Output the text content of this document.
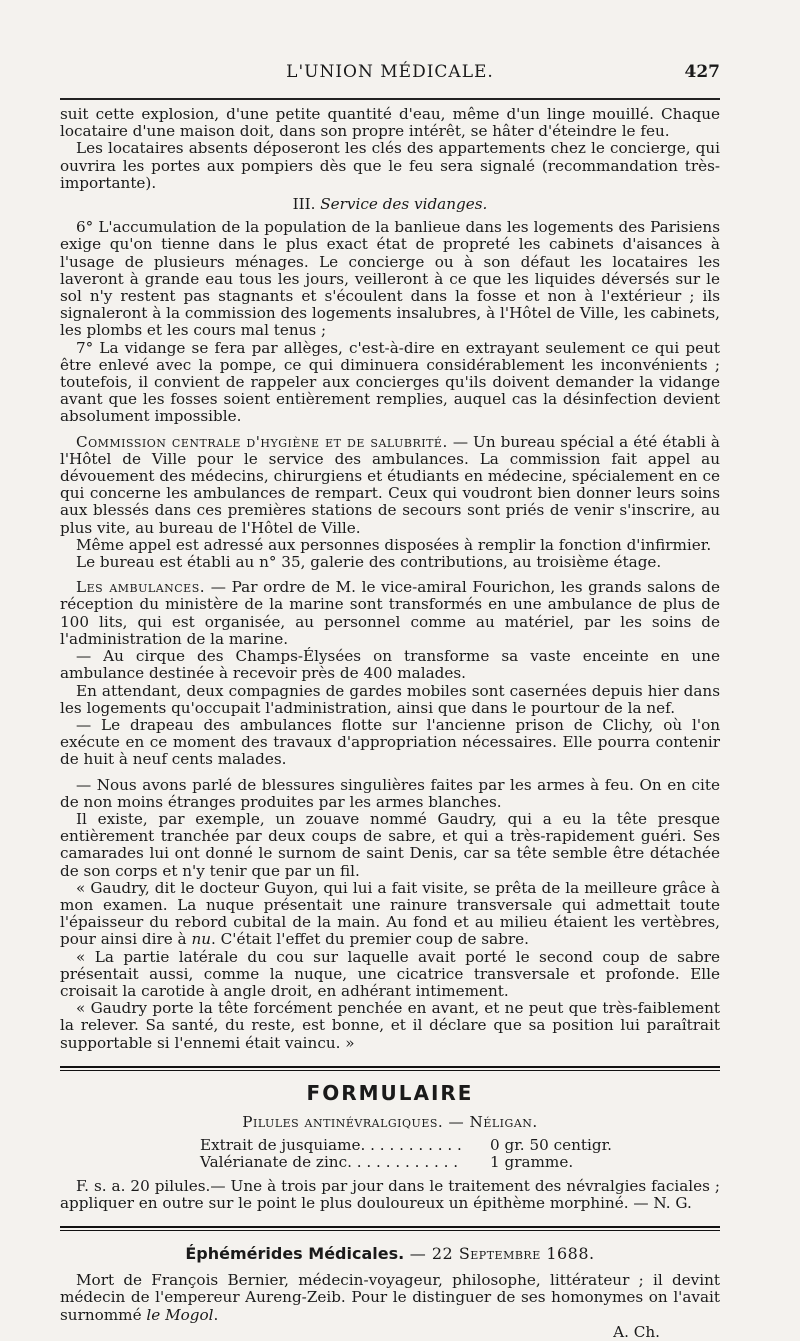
L'UNION MÉDICALE.	427

suit cette explosion, d'une petite quantité d'eau, même d'un linge mouillé. Chaque locataire d'une maison doit, dans son propre intérêt, se hâter d'éteindre le feu.

Les locataires absents déposeront les clés des appartements chez le concierge, qui ouvrira les portes aux pompiers dès que le feu sera signalé (recommandation très-importante).

III. Service des vidanges.

6° L'accumulation de la population de la banlieue dans les logements des Parisiens exige qu'on tienne dans le plus exact état de propreté les cabinets d'aisances à l'usage de plusieurs ménages. Le concierge ou à son défaut les locataires les laveront à grande eau tous les jours, veilleront à ce que les liquides déversés sur le sol n'y restent pas stagnants et s'écoulent dans la fosse et non à l'extérieur ; ils signaleront à la commission des logements insalubres, à l'Hôtel de Ville, les cabinets, les plombs et les cours mal tenus ;

7° La vidange se fera par allèges, c'est-à-dire en extrayant seulement ce qui peut être enlevé avec la pompe, ce qui diminuera considérablement les inconvénients ; toutefois, il convient de rappeler aux concierges qu'ils doivent demander la vidange avant que les fosses soient entièrement remplies, auquel cas la désinfection devient absolument impossible.

Commission centrale d'hygiène et de salubrité. — Un bureau spécial a été établi à l'Hôtel de Ville pour le service des ambulances. La commission fait appel au dévouement des médecins, chirurgiens et étudiants en médecine, spécialement en ce qui concerne les ambulances de rempart. Ceux qui voudront bien donner leurs soins aux blessés dans ces premières stations de secours sont priés de venir s'inscrire, au plus vite, au bureau de l'Hôtel de Ville.

Même appel est adressé aux personnes disposées à remplir la fonction d'infirmier.

Le bureau est établi au n° 35, galerie des contributions, au troisième étage.

Les ambulances. — Par ordre de M. le vice-amiral Fourichon, les grands salons de réception du ministère de la marine sont transformés en une ambulance de plus de 100 lits, qui est organisée, au personnel comme au matériel, par les soins de l'administration de la marine.

— Au cirque des Champs-Élysées on transforme sa vaste enceinte en une ambulance destinée à recevoir près de 400 malades.

En attendant, deux compagnies de gardes mobiles sont casernées depuis hier dans les logements qu'occupait l'administration, ainsi que dans le pourtour de la nef.

— Le drapeau des ambulances flotte sur l'ancienne prison de Clichy, où l'on exécute en ce moment des travaux d'appropriation nécessaires. Elle pourra contenir de huit à neuf cents malades.

— Nous avons parlé de blessures singulières faites par les armes à feu. On en cite de non moins étranges produites par les armes blanches.

Il existe, par exemple, un zouave nommé Gaudry, qui a eu la tête presque entièrement tranchée par deux coups de sabre, et qui a très-rapidement guéri. Ses camarades lui ont donné le surnom de saint Denis, car sa tête semble être détachée de son corps et n'y tenir que par un fil.

« Gaudry, dit le docteur Guyon, qui lui a fait visite, se prêta de la meilleure grâce à mon examen. La nuque présentait une rainure transversale qui admettait toute l'épaisseur du rebord cubital de la main. Au fond et au milieu étaient les vertèbres, pour ainsi dire à nu. C'était l'effet du premier coup de sabre.

« La partie latérale du cou sur laquelle avait porté le second coup de sabre présentait aussi, comme la nuque, une cicatrice transversale et profonde. Elle croisait la carotide à angle droit, en adhérant intimement.

« Gaudry porte la tête forcément penchée en avant, et ne peut que très-faiblement la relever. Sa santé, du reste, est bonne, et il déclare que sa position lui paraîtrait supportable si l'ennemi était vaincu. »

FORMULAIRE
Pilules antinévralgiques. — Néligan.
Extrait de jusquiame. . . . . . . . . . .	0 gr. 50 centigr.
Valérianate de zinc. . . . . . . . . . . .	1 gramme.

F. s. a. 20 pilules.— Une à trois par jour dans le traitement des névralgies faciales ; appliquer en outre sur le point le plus douloureux un épithème morphiné. — N. G.

Éphémérides Médicales. — 22 Septembre 1688.

Mort de François Bernier, médecin-voyageur, philosophe, littérateur ; il devint médecin de l'empereur Aureng-Zeib. Pour le distinguer de ses homonymes on l'avait surnommé le Mogol.

A. Ch.
